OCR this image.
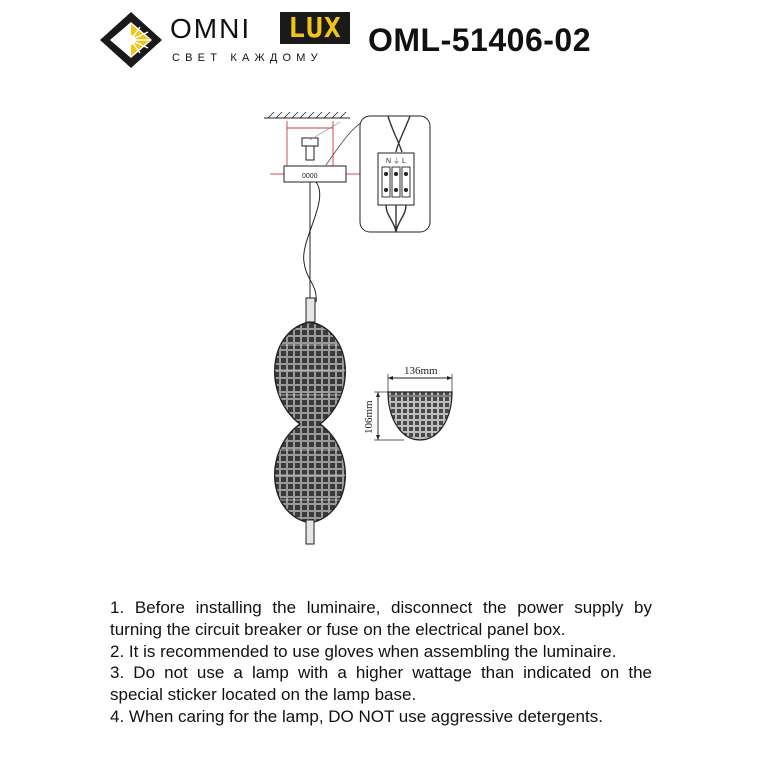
OMNI LUX
СВЕТ КАЖДОМУ OML-51406-02
0000
N ⏚ L
136mm
106mm

1. Before installing the luminaire, disconnect the power supply by turning the circuit breaker or fuse on the electrical panel box.

2. It is recommended to use gloves when assembling the luminaire.

3. Do not use a lamp with a higher wattage than indicated on the special sticker located on the lamp base.

4. When caring for the lamp, DO NOT use aggressive detergents.
